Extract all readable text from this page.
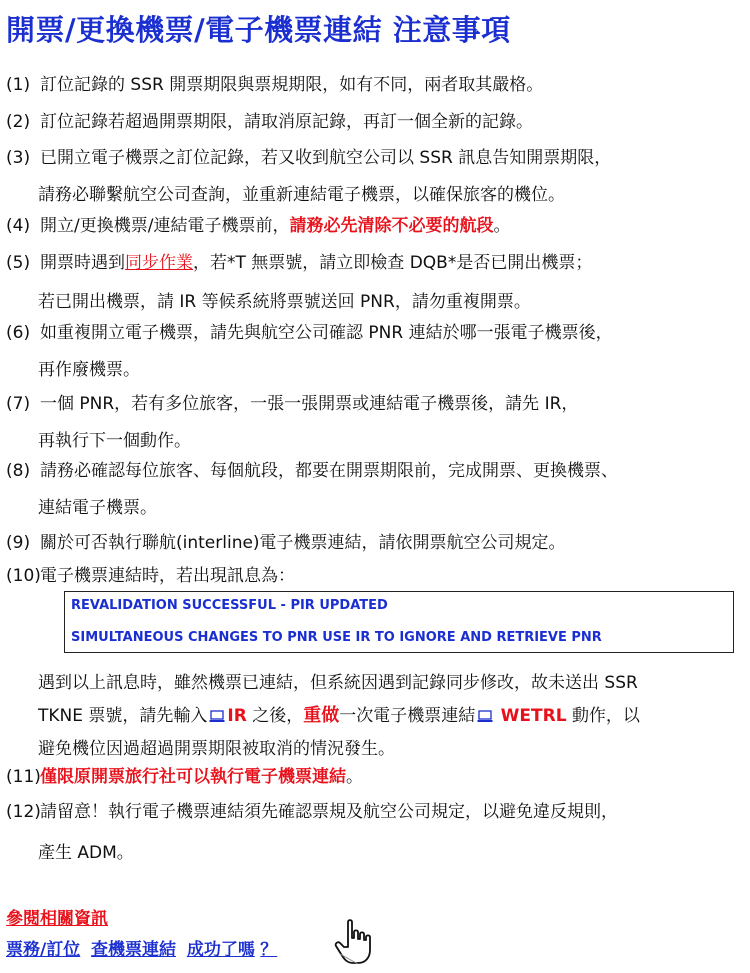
開票/更換機票/電子機票連結 注意事項
(1) 訂位記錄的 SSR 開票期限與票規期限，如有不同，兩者取其嚴格。
(2) 訂位記錄若超過開票期限，請取消原記錄，再訂一個全新的記錄。
(3) 已開立電子機票之訂位記錄，若又收到航空公司以 SSR 訊息告知開票期限，
請務必聯繫航空公司查詢，並重新連結電子機票，以確保旅客的機位。
(4) 開立/更換機票/連結電子機票前，請務必先清除不必要的航段。
(5) 開票時遇到同步作業，若*T 無票號，請立即檢查 DQB*是否已開出機票；
若已開出機票，請 IR 等候系統將票號送回 PNR，請勿重複開票。
(6) 如重複開立電子機票，請先與航空公司確認 PNR 連結於哪一張電子機票後，
再作廢機票。
(7) 一個 PNR，若有多位旅客，一張一張開票或連結電子機票後，請先 IR，
再執行下一個動作。
(8) 請務必確認每位旅客、每個航段，都要在開票期限前，完成開票、更換機票、
連結電子機票。
(9) 關於可否執行聯航(interline)電子機票連結，請依開票航空公司規定。
(10)電子機票連結時，若出現訊息為：
REVALIDATION SUCCESSFUL - PIR UPDATED
SIMULTANEOUS CHANGES TO PNR USE IR TO IGNORE AND RETRIEVE PNR
遇到以上訊息時，雖然機票已連結，但系統因遇到記錄同步修改，故未送出 SSR
TKNE 票號，請先輸入 IR 之後，重做一次電子機票連結 WETRL 動作，以
避免機位因過超過開票期限被取消的情況發生。
(11)僅限原開票旅行社可以執行電子機票連結。
(12)請留意！執行電子機票連結須先確認票規及航空公司規定，以避免違反規則，
產生 ADM。
參閱相關資訊
票務/訂位 查機票連結 成功了嗎 ？
